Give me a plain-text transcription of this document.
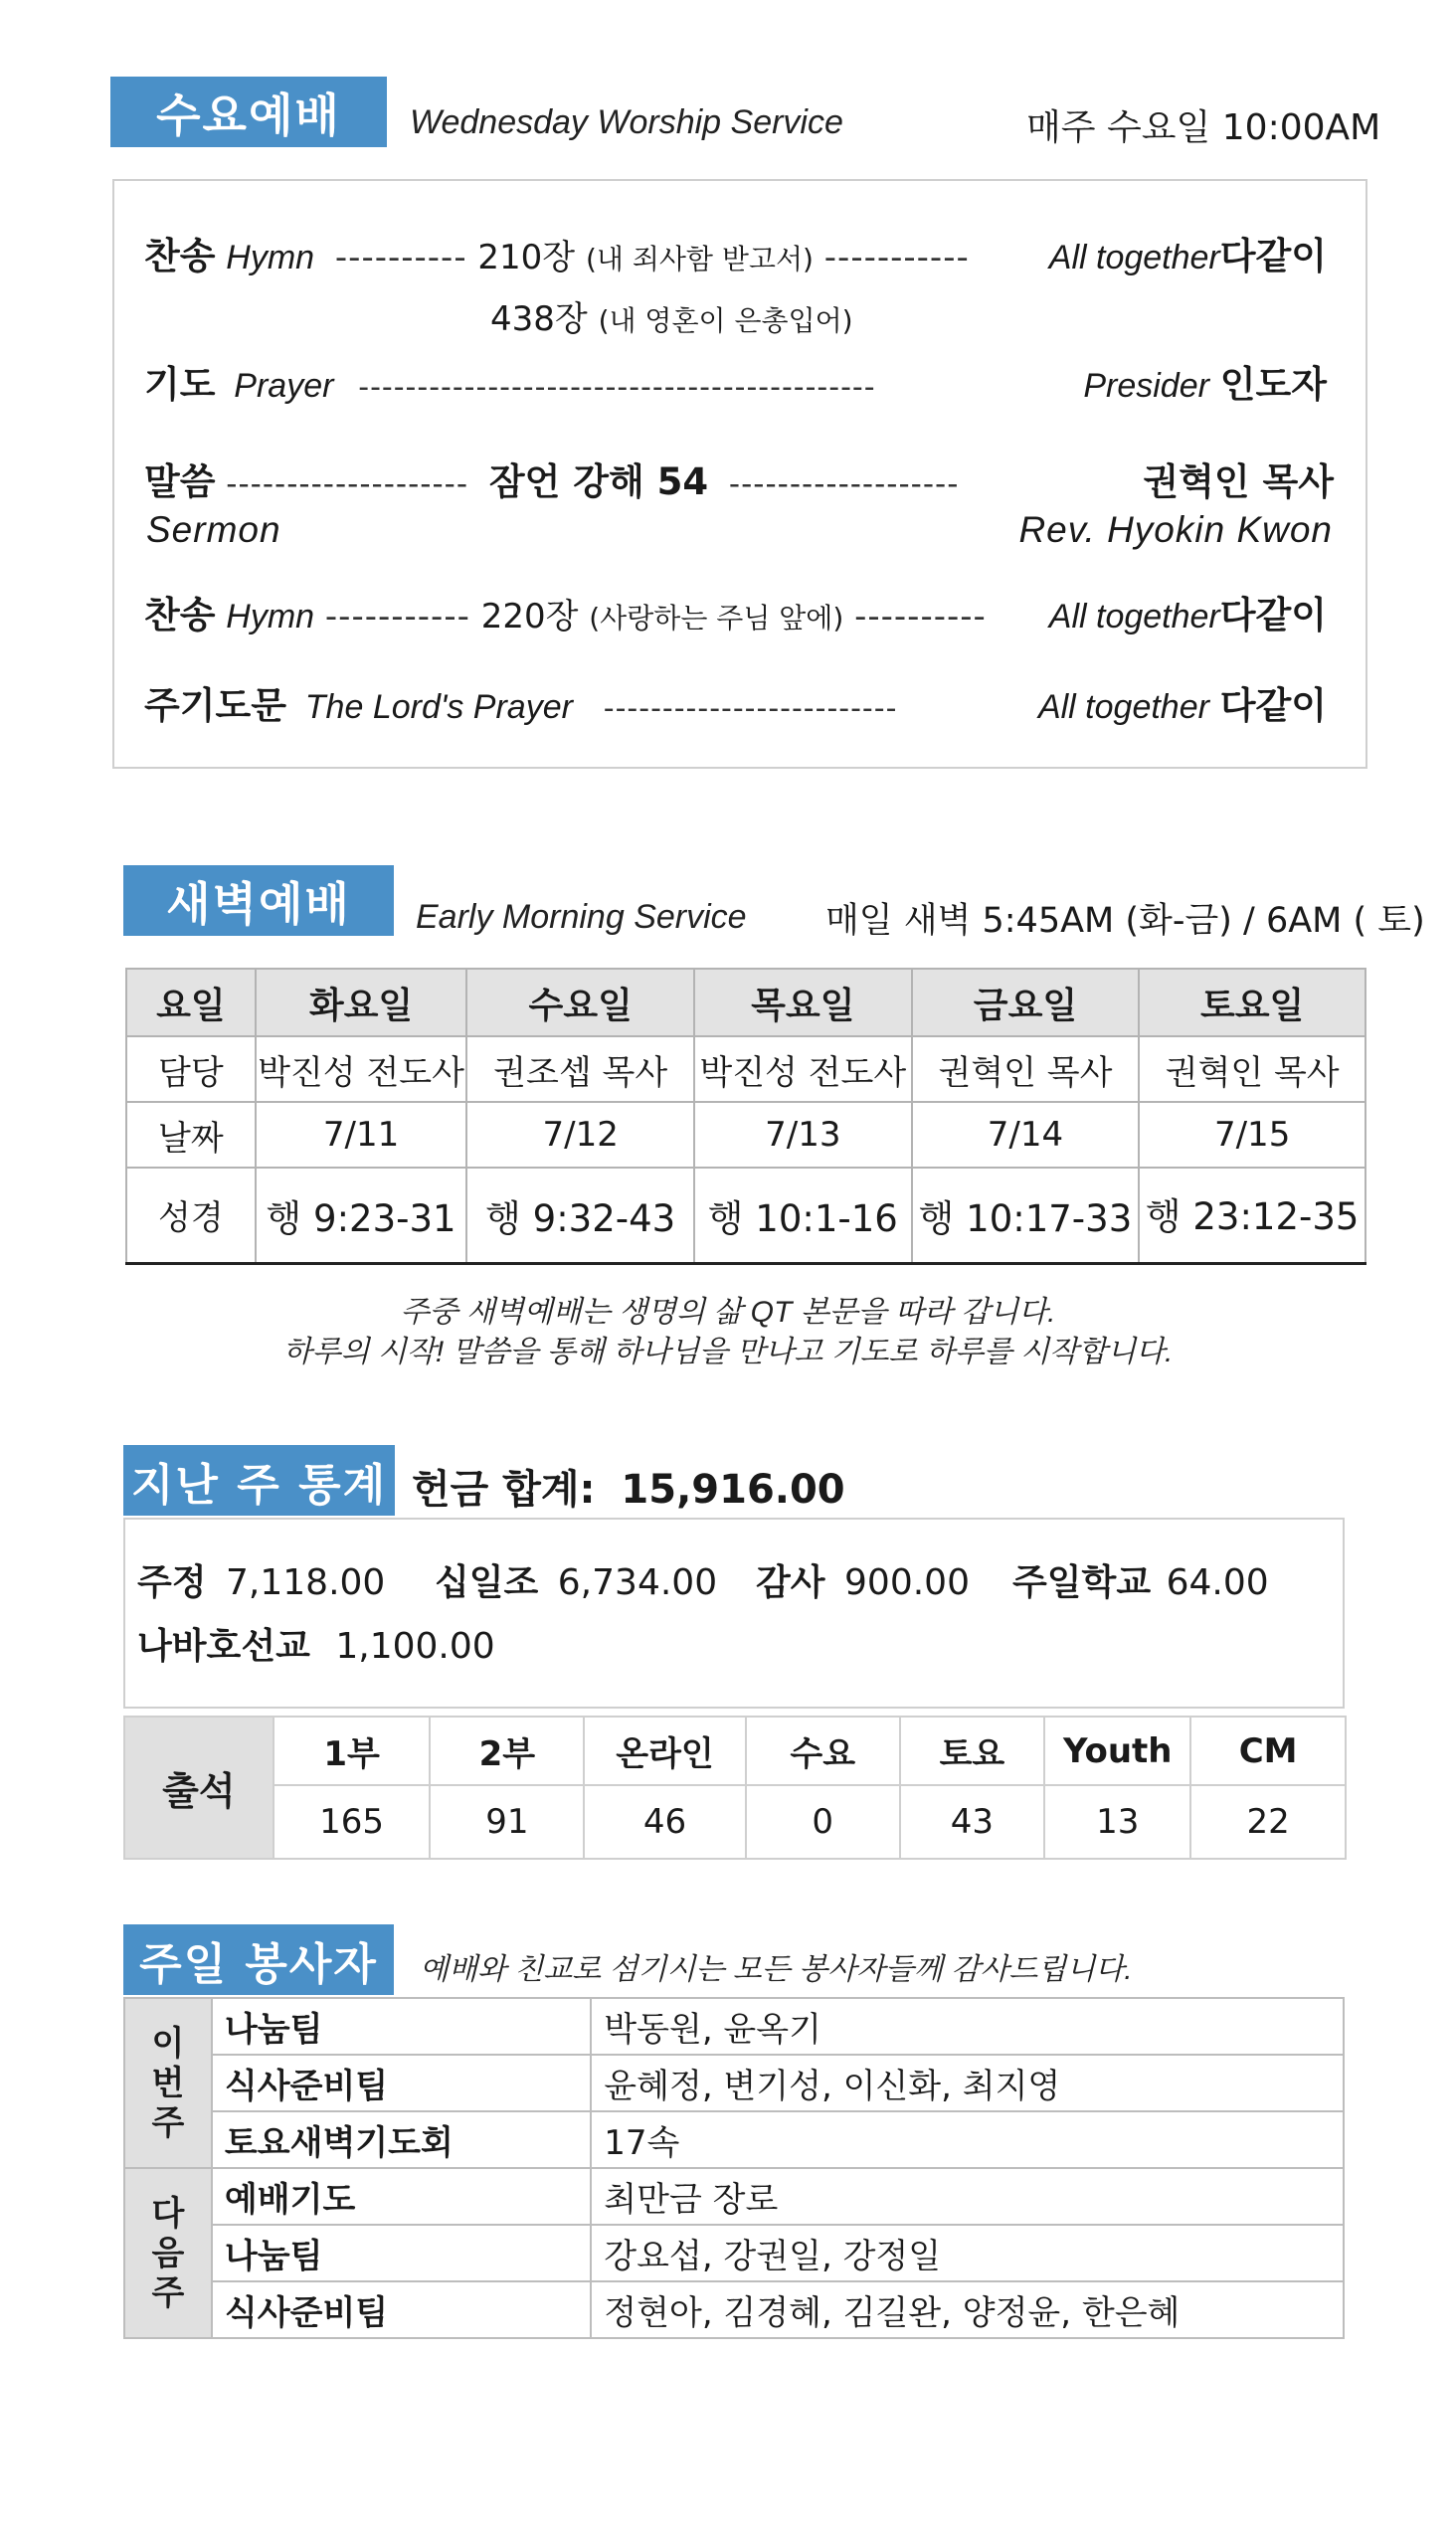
수요예배	Wednesday Worship Service	매주 수요일 10:00AM
찬송 Hymn ---------- 210장 (내 죄사함 받고서) ----------- All together다같이
438장 (내 영혼이 은총입어)
기도 Prayer --------------------------------------------	Presider 인도자
말씀 -------------------- 잠언 강해 54 -------------------	권혁인 목사
Sermon	Rev. Hyokin Kwon
찬송 Hymn ----------- 220장 (사랑하는 주님 앞에) ---------- All together다같이
주기도문 The Lord's Prayer -------------------------	All together 다같이
새벽예배	Early Morning Service 매일 새벽 5:45AM (화-금) / 6AM ( 토)
요일	화요일	수요일	목요일	금요일	토요일
담당	박진성 전도사	권조셉 목사	박진성 전도사	권혁인 목사	권혁인 목사
날짜	7/11	7/12	7/13	7/14	7/15
성경	행 9:23-31	행 9:32-43	행 10:1-16	행 10:17-33	행 23:12-35
주중 새벽예배는 생명의 삶 QT 본문을 따라 갑니다.
하루의 시작! 말씀을 통해 하나님을 만나고 기도로 하루를 시작합니다.
지난 주 통계 헌금 합계: 15,916.00
주정 7,118.00 십일조 6,734.00 감사 900.00 주일학교 64.00
나바호선교 1,100.00
출석	1부	2부	온라인	수요	토요	Youth	CM
	165	91	46	0	43	13	22
주일 봉사자	예배와 친교로 섬기시는 모든 봉사자들께 감사드립니다.
이번주	나눔팀	박동원, 윤옥기
	식사준비팀	윤혜정, 변기성, 이신화, 최지영
	토요새벽기도회	17속

다음주	예배기도	최만금 장로
	나눔팀	강요섭, 강권일, 강정일
	식사준비팀	정현아, 김경혜, 김길완, 양정윤, 한은혜
